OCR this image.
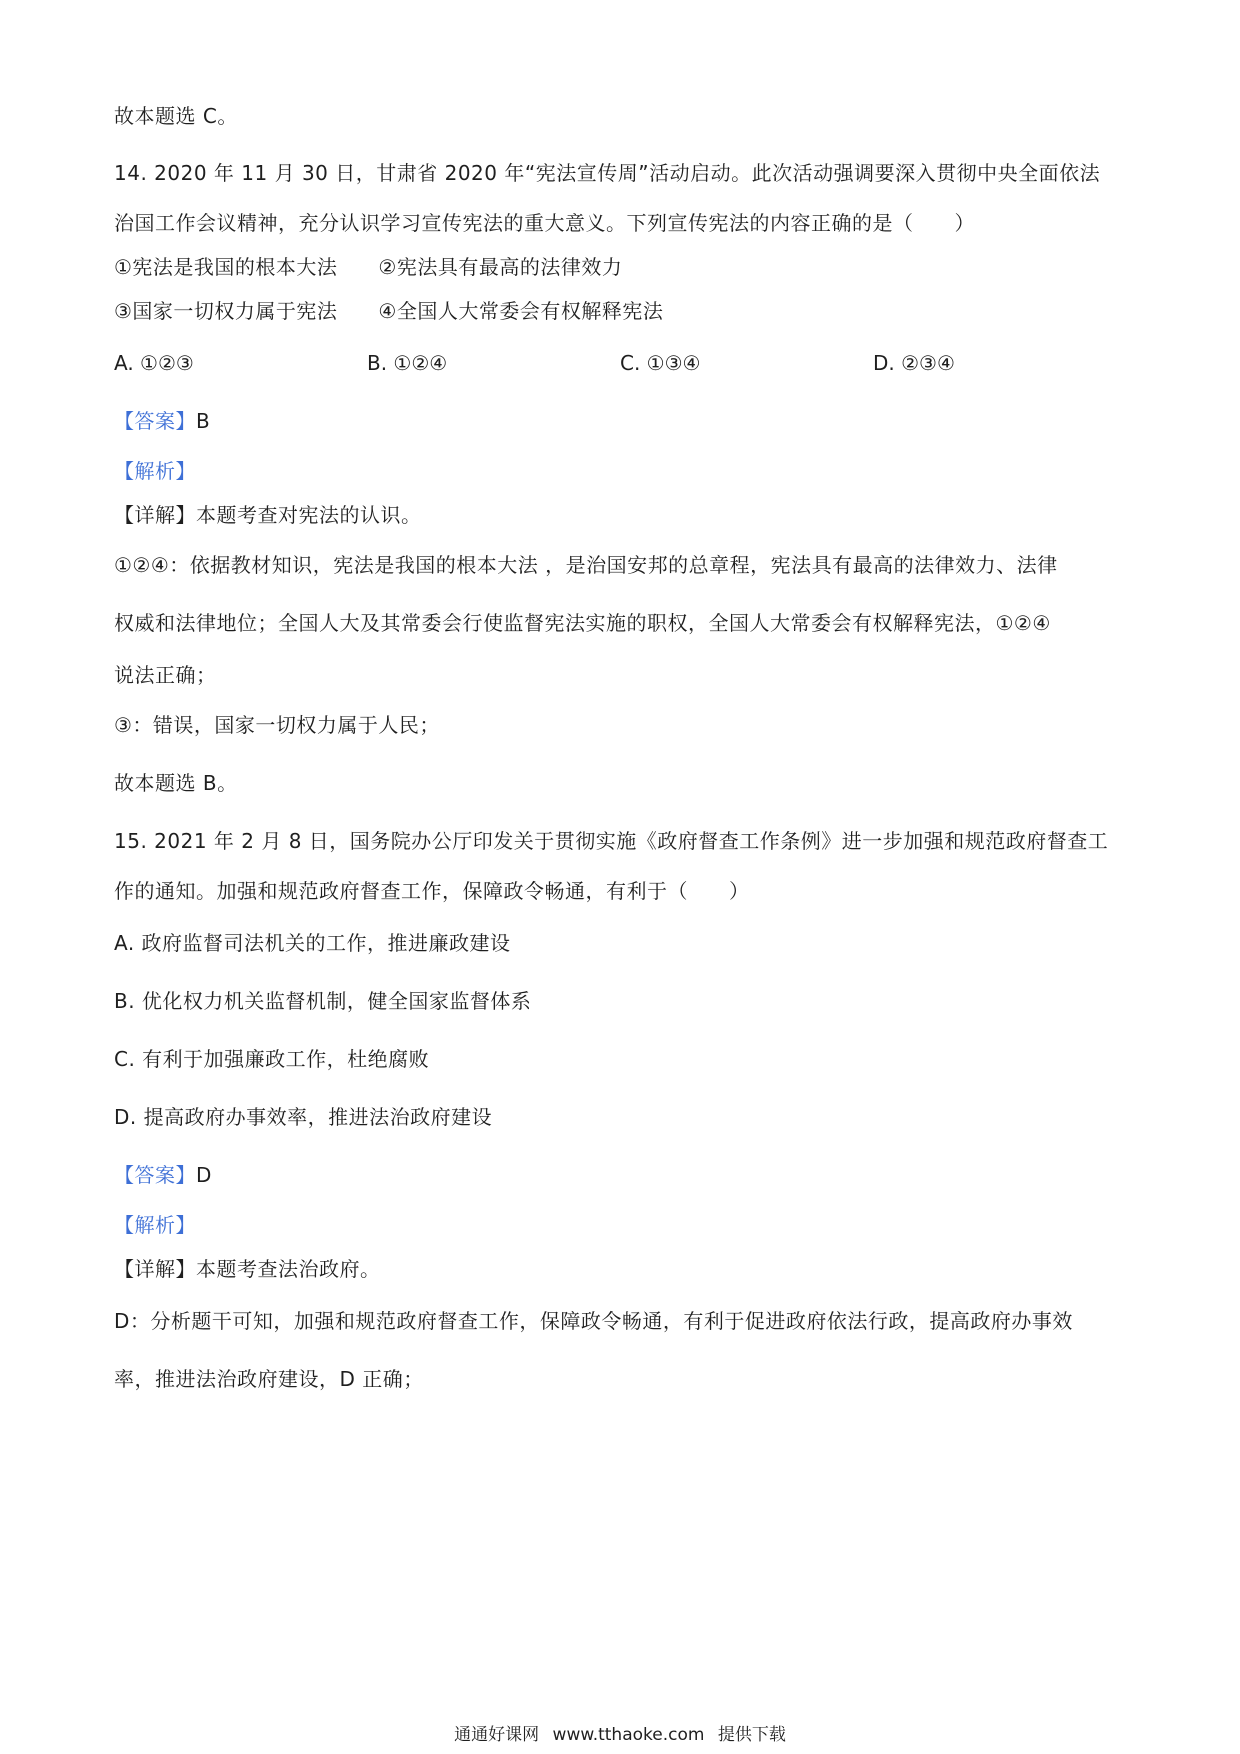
故本题选 C。
14. 2020 年 11 月 30 日，甘肃省 2020 年“宪法宣传周”活动启动。此次活动强调要深入贯彻中央全面依法
治国工作会议精神，充分认识学习宣传宪法的重大意义。下列宣传宪法的内容正确的是（　　）
①宪法是我国的根本大法　　②宪法具有最高的法律效力
③国家一切权力属于宪法　　④全国人大常委会有权解释宪法
A. ①②③	B. ①②④	C. ①③④	D. ②③④
【答案】B
【解析】
【详解】本题考查对宪法的认识。
①②④：依据教材知识，宪法是我国的根本大法 ，是治国安邦的总章程，宪法具有最高的法律效力、法律
权威和法律地位；全国人大及其常委会行使监督宪法实施的职权，全国人大常委会有权解释宪法，①②④
说法正确；
③：错误，国家一切权力属于人民；
故本题选 B。
15. 2021 年 2 月 8 日，国务院办公厅印发关于贯彻实施《政府督查工作条例》进一步加强和规范政府督查工
作的通知。加强和规范政府督查工作，保障政令畅通，有利于（　　）
A. 政府监督司法机关的工作，推进廉政建设
B. 优化权力机关监督机制，健全国家监督体系
C. 有利于加强廉政工作，杜绝腐败
D. 提高政府办事效率，推进法治政府建设
【答案】D
【解析】
【详解】本题考查法治政府。
D：分析题干可知，加强和规范政府督查工作，保障政令畅通，有利于促进政府依法行政，提高政府办事效
率，推进法治政府建设，D 正确；
通通好课网 www.tthaoke.com 提供下载
